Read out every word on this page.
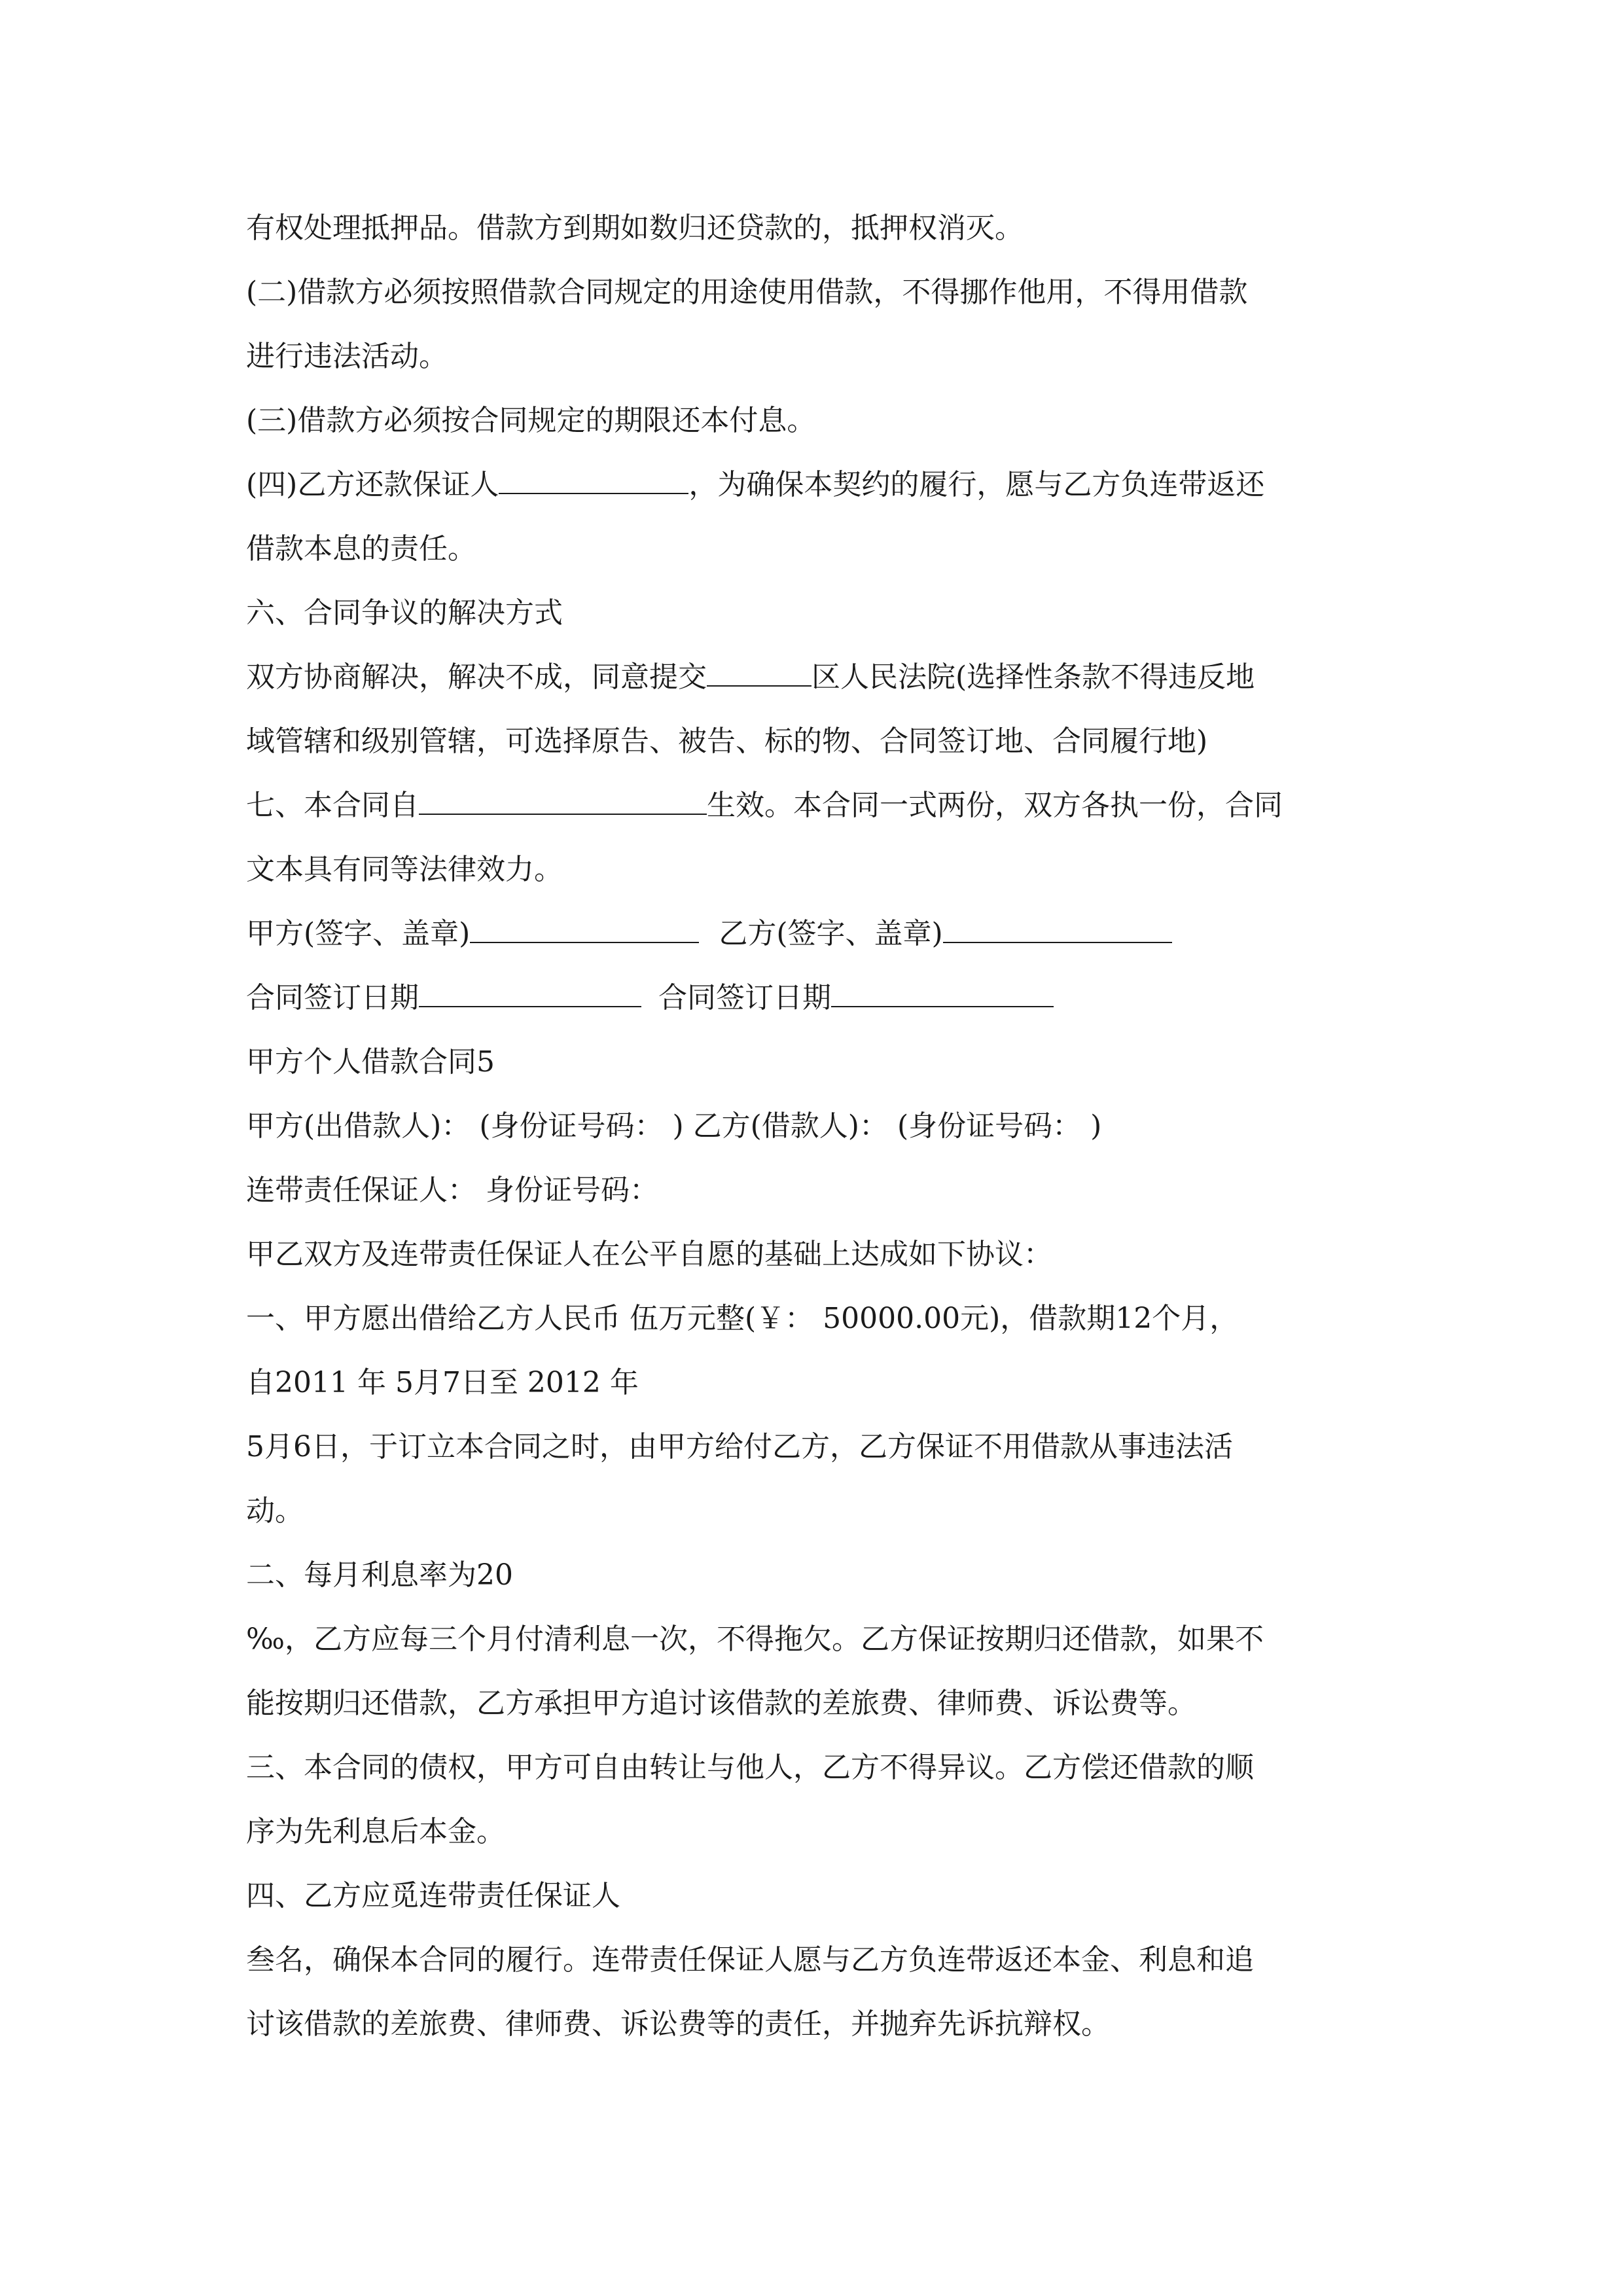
有权处理抵押品。借款方到期如数归还贷款的，抵押权消灭。
(二)借款方必须按照借款合同规定的用途使用借款，不得挪作他用，不得用借款
进行违法活动。
(三)借款方必须按合同规定的期限还本付息。
(四)乙方还款保证人	，为确保本契约的履行，愿与乙方负连带返还
借款本息的责任。
六、合同争议的解决方式
双方协商解决，解决不成，同意提交	区人民法院(选择性条款不得违反地
域管辖和级别管辖，可选择原告、被告、标的物、合同签订地、合同履行地)
七、本合同自	生效。本合同一式两份，双方各执一份，合同
文本具有同等法律效力。
甲方(签字、盖章)	乙方(签字、盖章)
合同签订日期	合同签订日期
甲方个人借款合同5
甲方(出借款人)： (身份证号码： ) 乙方(借款人)： (身份证号码： )
连带责任保证人： 身份证号码：
甲乙双方及连带责任保证人在公平自愿的基础上达成如下协议：
一、甲方愿出借给乙方人民币 伍万元整(￥： 50000.00元)，借款期12个月，
自2011 年 5月7日至 2012 年
5月6日，于订立本合同之时，由甲方给付乙方，乙方保证不用借款从事违法活
动。
二、每月利息率为20
‰，乙方应每三个月付清利息一次，不得拖欠。乙方保证按期归还借款，如果不
能按期归还借款，乙方承担甲方追讨该借款的差旅费、律师费、诉讼费等。
三、本合同的债权，甲方可自由转让与他人，乙方不得异议。乙方偿还借款的顺
序为先利息后本金。
四、乙方应觅连带责任保证人
叁名，确保本合同的履行。连带责任保证人愿与乙方负连带返还本金、利息和追
讨该借款的差旅费、律师费、诉讼费等的责任，并抛弃先诉抗辩权。
